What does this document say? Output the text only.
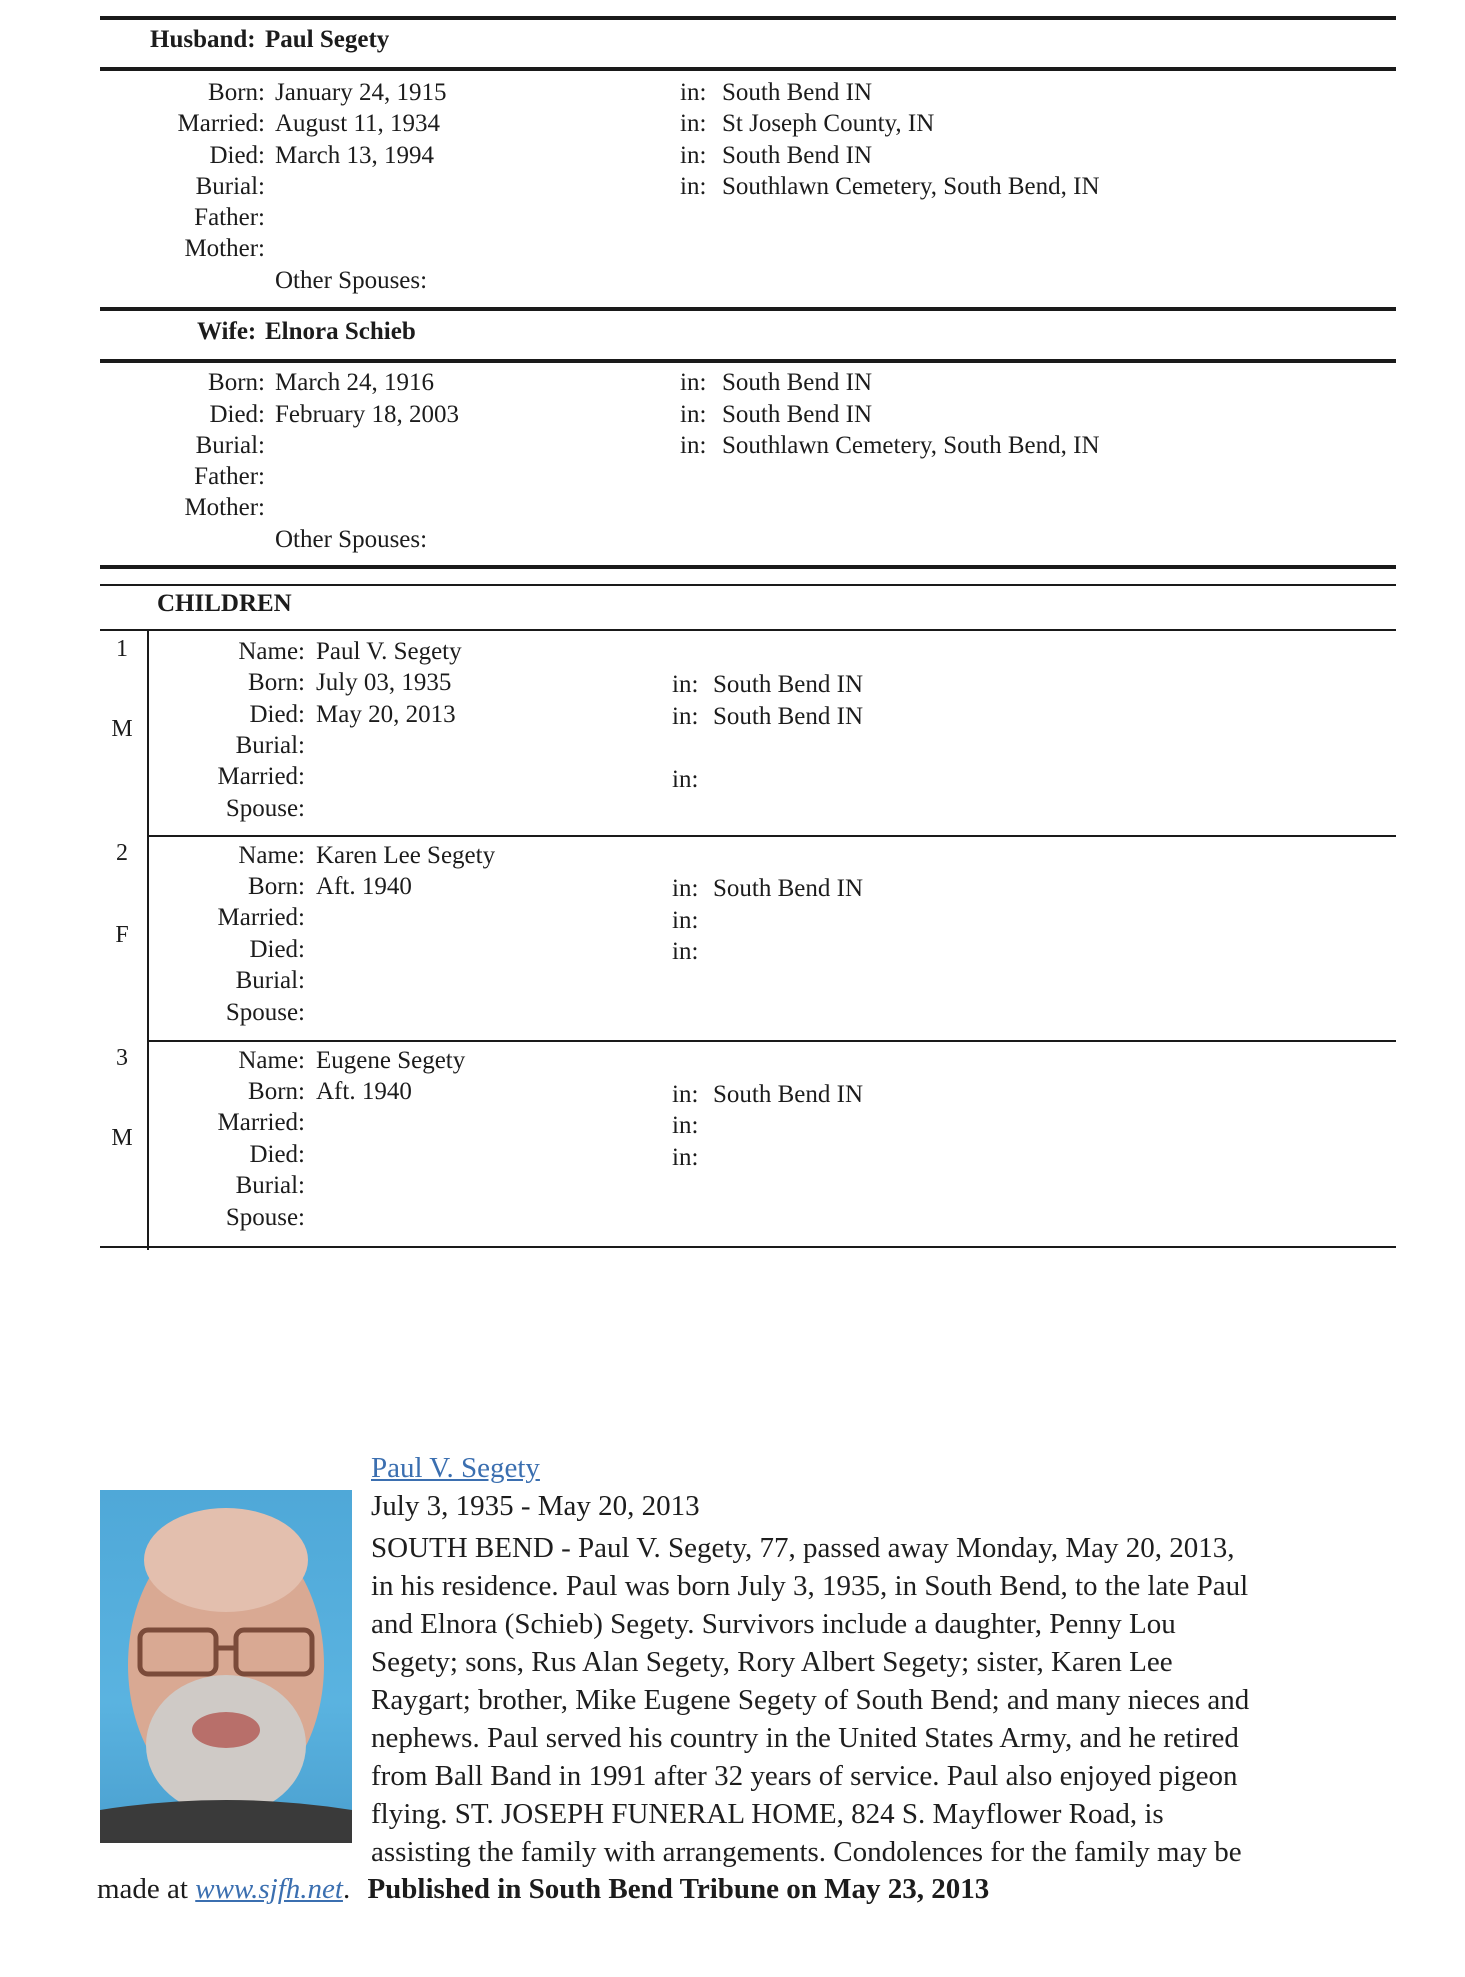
Husband: Paul Segety
Born: January 24, 1915	in: South Bend IN
Married: August 11, 1934	in: St Joseph County, IN
Died: March 13, 1994	in: South Bend IN
Burial:	in: Southlawn Cemetery, South Bend, IN
Father:
Mother:
Other Spouses:
Wife: Elnora Schieb
Born: March 24, 1916	in: South Bend IN
Died: February 18, 2003	in: South Bend IN
Burial:	in: Southlawn Cemetery, South Bend, IN
Father:
Mother:
Other Spouses:
CHILDREN
1
M
Name: Paul V. Segety
Born: July 03, 1935	in: South Bend IN
Died: May 20, 2013	in: South Bend IN
Burial:
Married:	in:
Spouse:
2
F
Name: Karen Lee Segety
Born: Aft. 1940	in: South Bend IN
Married:	in:
Died:	in:
Burial:
Spouse:
3
M
Name: Eugene Segety
Born: Aft. 1940	in: South Bend IN
Married:	in:
Died:	in:
Burial:
Spouse:
Paul V. Segety
July 3, 1935 - May 20, 2013
SOUTH BEND - Paul V. Segety, 77, passed away Monday, May 20, 2013,
in his residence. Paul was born July 3, 1935, in South Bend, to the late Paul
and Elnora (Schieb) Segety. Survivors include a daughter, Penny Lou
Segety; sons, Rus Alan Segety, Rory Albert Segety; sister, Karen Lee
Raygart; brother, Mike Eugene Segety of South Bend; and many nieces and
nephews. Paul served his country in the United States Army, and he retired
from Ball Band in 1991 after 32 years of service. Paul also enjoyed pigeon
flying. ST. JOSEPH FUNERAL HOME, 824 S. Mayflower Road, is
assisting the family with arrangements. Condolences for the family may be
made at www.sjfh.net. Published in South Bend Tribune on May 23, 2013
